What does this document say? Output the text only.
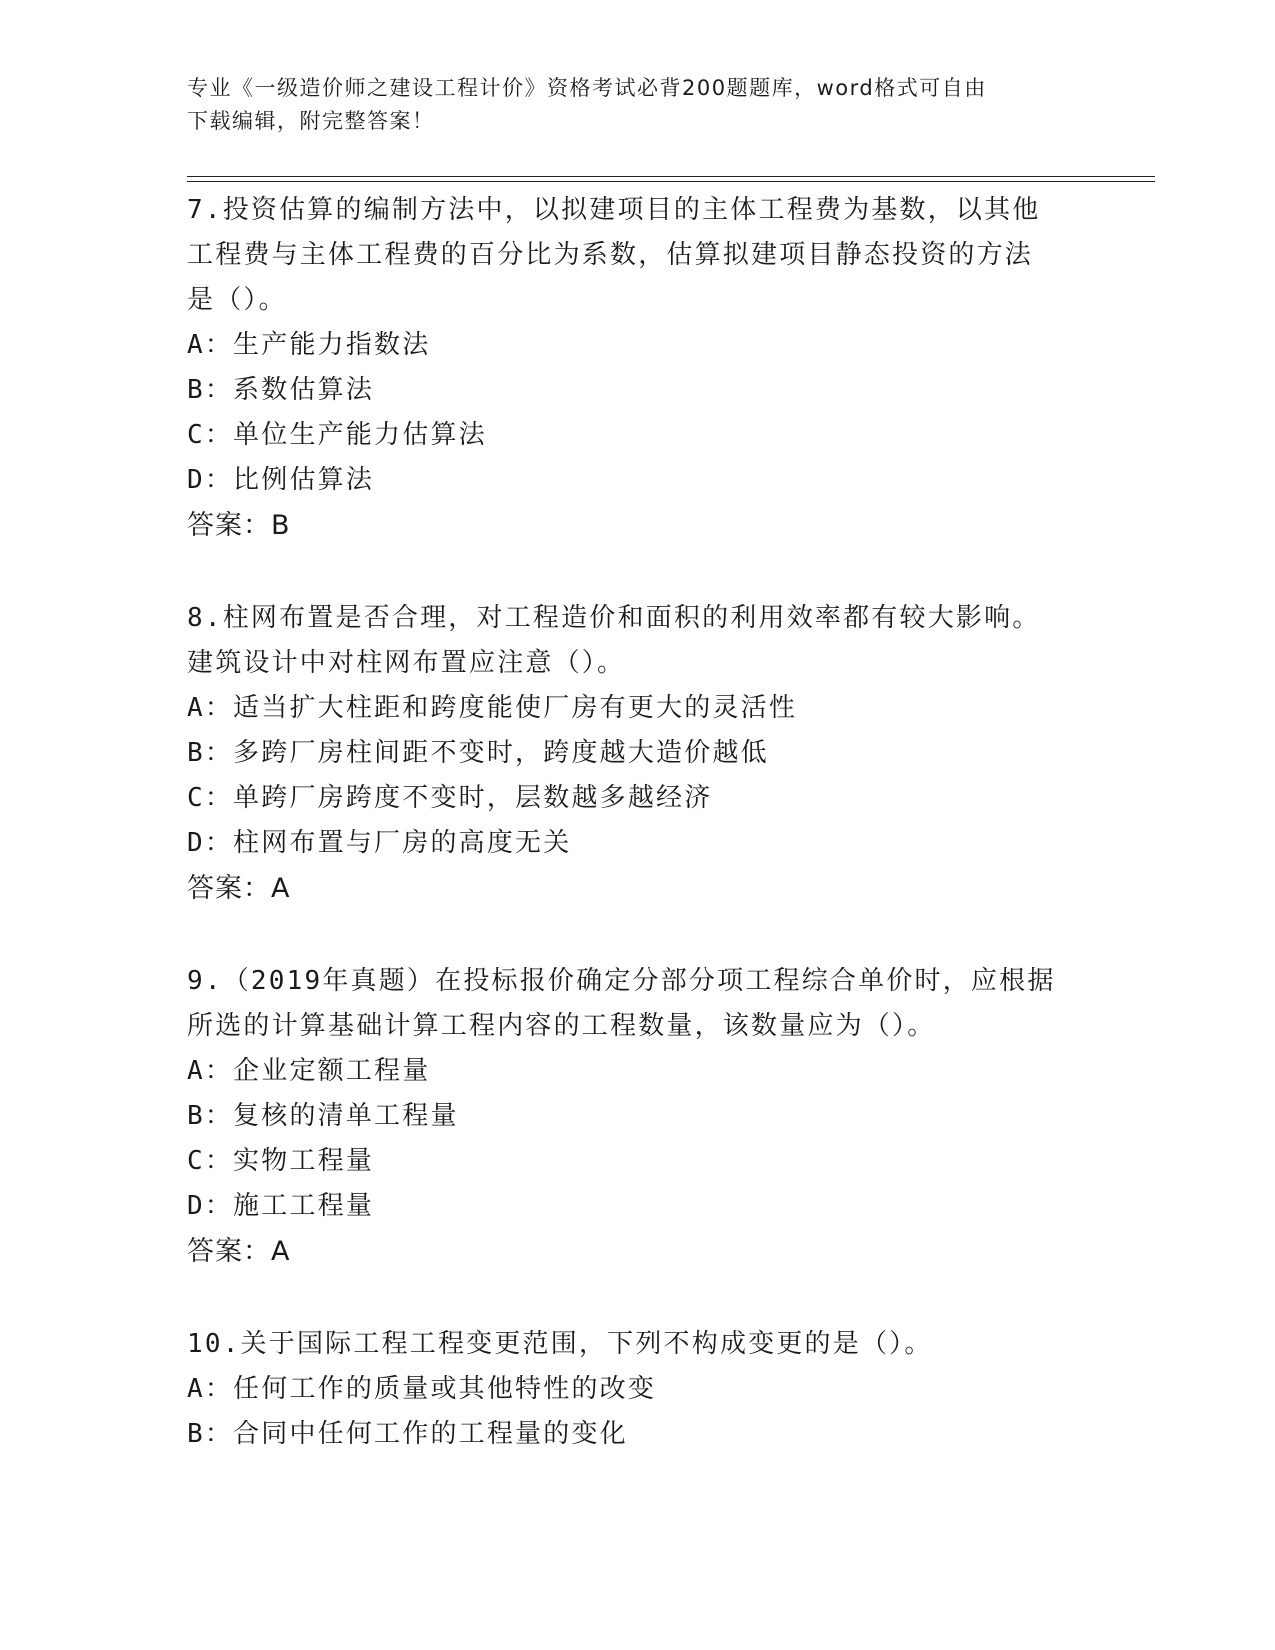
专业《一级造价师之建设工程计价》资格考试必背200题题库，word格式可自由
下载编辑，附完整答案！

7.投资估算的编制方法中，以拟建项目的主体工程费为基数，以其他

工程费与主体工程费的百分比为系数，估算拟建项目静态投资的方法

是（）。

A：生产能力指数法

B：系数估算法

C：单位生产能力估算法

D：比例估算法

答案：B

8.柱网布置是否合理，对工程造价和面积的利用效率都有较大影响。

建筑设计中对柱网布置应注意（）。

A：适当扩大柱距和跨度能使厂房有更大的灵活性

B：多跨厂房柱间距不变时，跨度越大造价越低

C：单跨厂房跨度不变时，层数越多越经济

D：柱网布置与厂房的高度无关

答案：A

9.（2019年真题）在投标报价确定分部分项工程综合单价时，应根据

所选的计算基础计算工程内容的工程数量，该数量应为（）。

A：企业定额工程量

B：复核的清单工程量

C：实物工程量

D：施工工程量

答案：A

10.关于国际工程工程变更范围，下列不构成变更的是（）。

A：任何工作的质量或其他特性的改变

B：合同中任何工作的工程量的变化
